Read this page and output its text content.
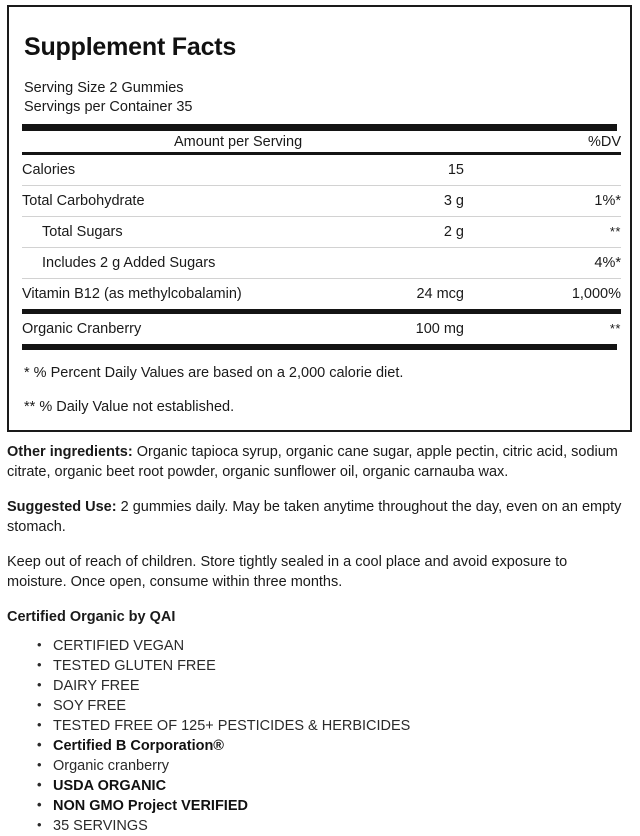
Supplement Facts
Serving Size 2 Gummies
Servings per Container 35
Amount per Serving		%DV

Calories	15	

Total Carbohydrate	3 g	1%*

Total Sugars	2 g	**

Includes 2 g Added Sugars		4%*

Vitamin B12 (as methylcobalamin)	24 mcg	1,000%

Organic Cranberry	100 mg	**

* % Percent Daily Values are based on a 2,000 calorie diet.

** % Daily Value not established.

Other ingredients: Organic tapioca syrup, organic cane sugar, apple pectin, citric acid, sodium citrate, organic beet root powder, organic sunflower oil, organic carnauba wax.

Suggested Use: 2 gummies daily. May be taken anytime throughout the day, even on an empty stomach.

Keep out of reach of children. Store tightly sealed in a cool place and avoid exposure to moisture. Once open, consume within three months.

Certified Organic by QAI

• CERTIFIED VEGAN
• TESTED GLUTEN FREE
• DAIRY FREE
• SOY FREE
• TESTED FREE OF 125+ PESTICIDES & HERBICIDES
• Certified B Corporation®
• Organic cranberry
• USDA ORGANIC
• NON GMO Project VERIFIED
• 35 SERVINGS
